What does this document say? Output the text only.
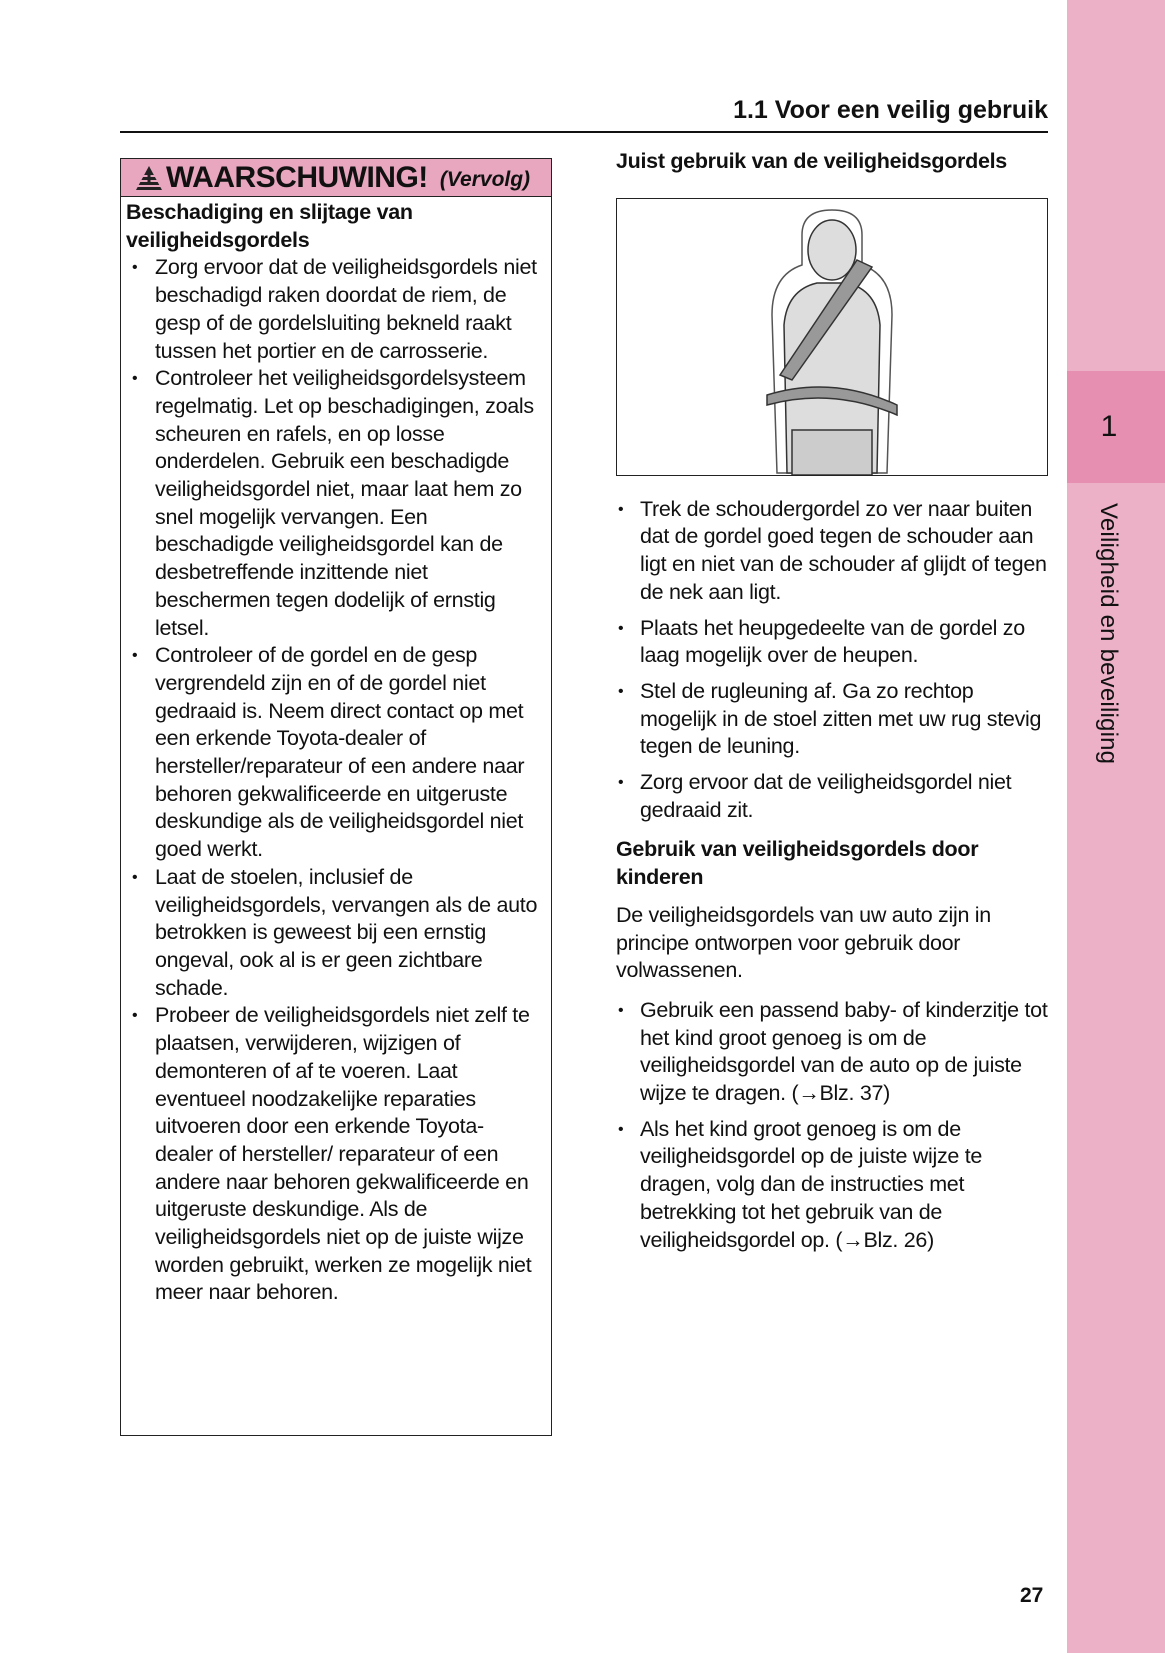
1
Veiligheid en beveiliging
1.1 Voor een veilig gebruik
WAARSCHUWING! (Vervolg)
Beschadiging en slijtage van veiligheidsgordels
• Zorg ervoor dat de veiligheidsgordels niet beschadigd raken doordat de riem, de gesp of de gordelsluiting bekneld raakt tussen het portier en de carrosserie.
• Controleer het veiligheidsgordelsysteem regelmatig. Let op beschadigingen, zoals scheuren en rafels, en op losse onderdelen. Gebruik een beschadigde veiligheidsgordel niet, maar laat hem zo snel mogelijk vervangen. Een beschadigde veiligheidsgordel kan de desbetreffende inzittende niet beschermen tegen dodelijk of ernstig letsel.
• Controleer of de gordel en de gesp vergrendeld zijn en of de gordel niet gedraaid is. Neem direct contact op met een erkende Toyota-dealer of hersteller/reparateur of een andere naar behoren gekwalificeerde en uitgeruste deskundige als de veiligheidsgordel niet goed werkt.
• Laat de stoelen, inclusief de veiligheidsgordels, vervangen als de auto betrokken is geweest bij een ernstig ongeval, ook al is er geen zichtbare schade.
• Probeer de veiligheidsgordels niet zelf te plaatsen, verwijderen, wijzigen of demonteren of af te voeren. Laat eventueel noodzakelijke reparaties uitvoeren door een erkende Toyota-dealer of hersteller/ reparateur of een andere naar behoren gekwalificeerde en uitgeruste deskundige. Als de veiligheidsgordels niet op de juiste wijze worden gebruikt, werken ze mogelijk niet meer naar behoren.
Juist gebruik van de veiligheidsgordels
• Trek de schoudergordel zo ver naar buiten dat de gordel goed tegen de schouder aan ligt en niet van de schouder af glijdt of tegen de nek aan ligt.
• Plaats het heupgedeelte van de gordel zo laag mogelijk over de heupen.
• Stel de rugleuning af. Ga zo rechtop mogelijk in de stoel zitten met uw rug stevig tegen de leuning.
• Zorg ervoor dat de veiligheidsgordel niet gedraaid zit.
Gebruik van veiligheidsgordels door kinderen
De veiligheidsgordels van uw auto zijn in principe ontworpen voor gebruik door volwassenen.
• Gebruik een passend baby- of kinderzitje tot het kind groot genoeg is om de veiligheidsgordel van de auto op de juiste wijze te dragen. (→Blz. 37)
• Als het kind groot genoeg is om de veiligheidsgordel op de juiste wijze te dragen, volg dan de instructies met betrekking tot het gebruik van de veiligheidsgordel op. (→Blz. 26)
27
